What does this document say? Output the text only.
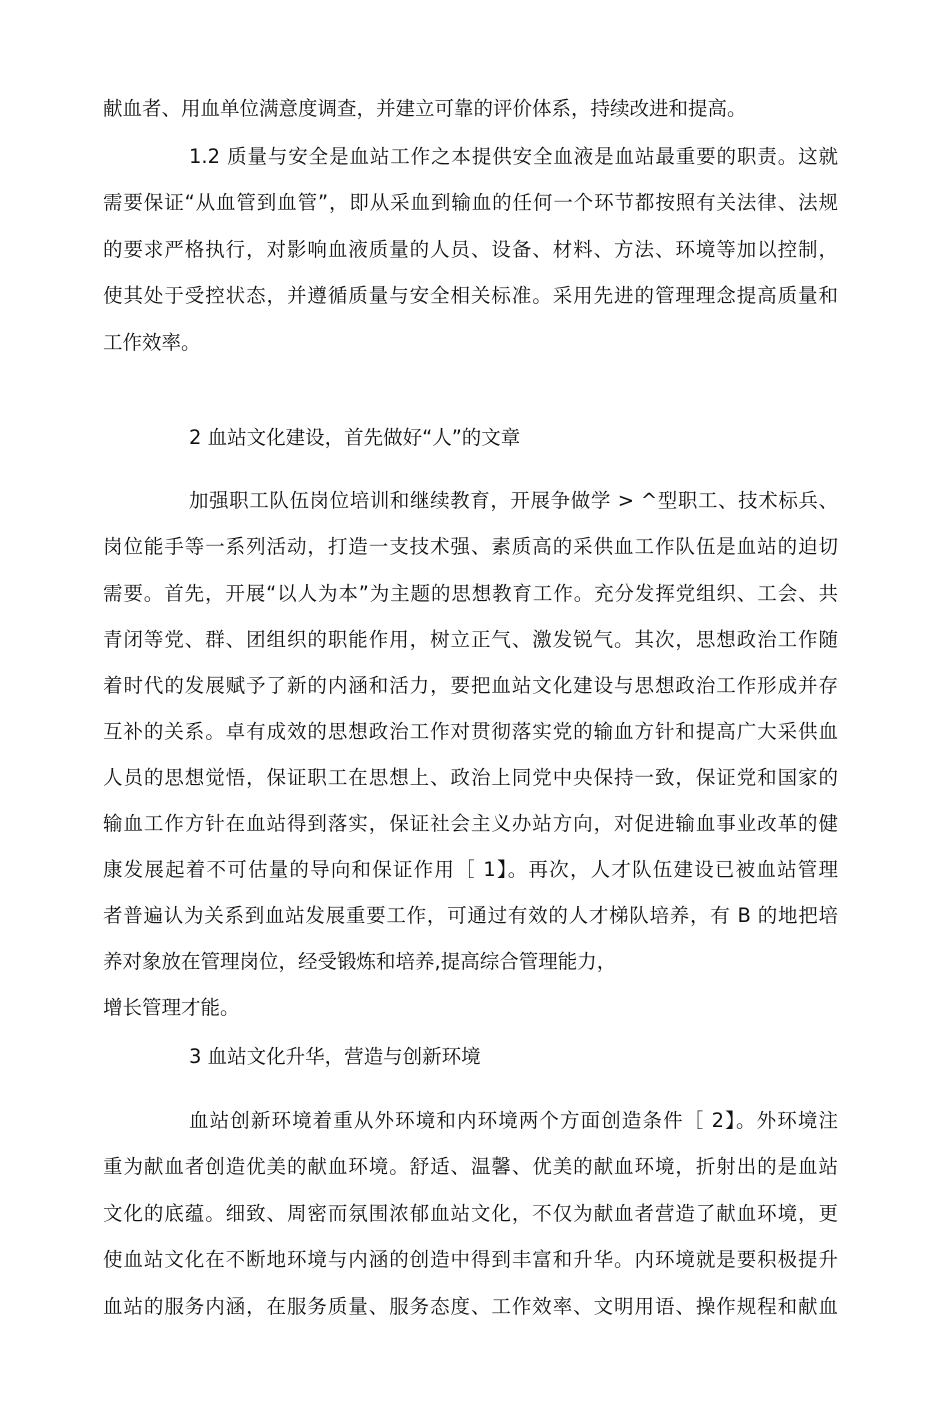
献血者、用血单位满意度调查，并建立可靠的评价体系，持续改进和提高。
1.2 质量与安全是血站工作之本提供安全血液是血站最重要的职责。这就
需要保证“从血管到血管”，即从采血到输血的任何一个环节都按照有关法律、法规
的要求严格执行，对影响血液质量的人员、设备、材料、方法、环境等加以控制，
使其处于受控状态，并遵循质量与安全相关标准。采用先进的管理理念提高质量和
工作效率。
2 血站文化建设，首先做好“人”的文章
加强职工队伍岗位培训和继续教育，开展争做学 > ^型职工、技术标兵、
岗位能手等一系列活动，打造一支技术强、素质高的采供血工作队伍是血站的迫切
需要。首先，开展“以人为本”为主题的思想教育工作。充分发挥党组织、工会、共
青闭等党、群、团组织的职能作用，树立正气、激发锐气。其次，思想政治工作随
着时代的发展赋予了新的内涵和活力，要把血站文化建设与思想政治工作形成并存
互补的关系。卓有成效的思想政治工作对贯彻落实党的输血方针和提高广大采供血
人员的思想觉悟，保证职工在思想上、政治上同党中央保持一致，保证党和国家的
输血工作方针在血站得到落实，保证社会主义办站方向，对促进输血事业改革的健
康发展起着不可估量的导向和保证作用［ 1】。再次，人才队伍建设已被血站管理
者普遍认为关系到血站发展重要工作，可通过有效的人才梯队培养，有 B 的地把培
养对象放在管理岗位，经受锻炼和培养,提高综合管理能力，
增长管理才能。
3 血站文化升华，营造与创新环境
血站创新环境着重从外环境和内环境两个方面创造条件［ 2】。外环境注
重为献血者创造优美的献血环境。舒适、温馨、优美的献血环境，折射出的是血站
文化的底蕴。细致、周密而氛围浓郁血站文化，不仅为献血者营造了献血环境，更
使血站文化在不断地环境与内涵的创造中得到丰富和升华。内环境就是要积极提升
血站的服务内涵，在服务质量、服务态度、工作效率、文明用语、操作规程和献血
